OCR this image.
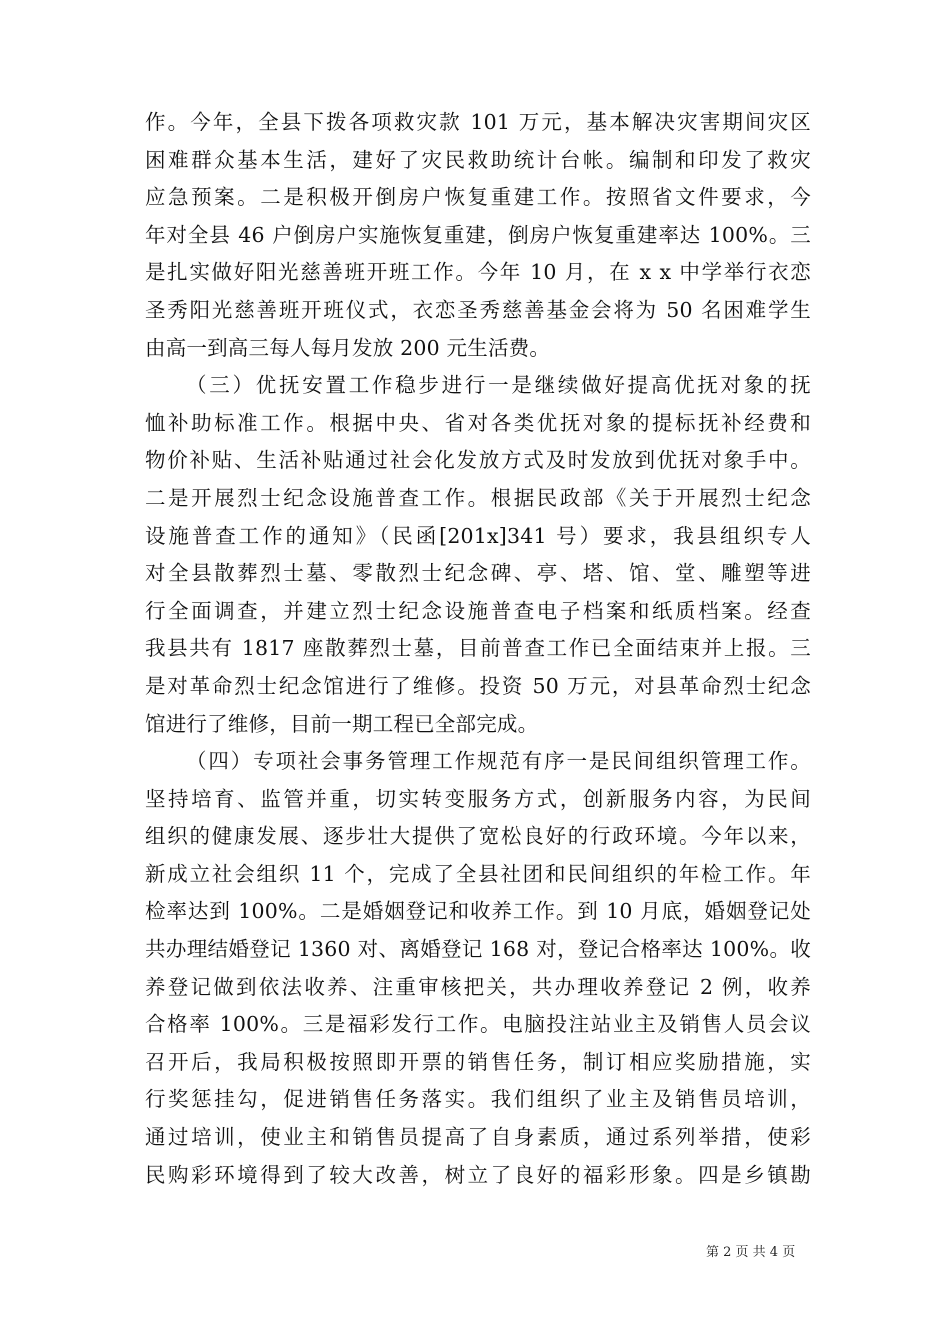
作。今年，全县下拨各项救灾款 101 万元，基本解决灾害期间灾区
困难群众基本生活，建好了灾民救助统计台帐。编制和印发了救灾
应急预案。二是积极开倒房户恢复重建工作。按照省文件要求，今
年对全县 46 户倒房户实施恢复重建，倒房户恢复重建率达 100%。三
是扎实做好阳光慈善班开班工作。今年 10 月，在 x x 中学举行衣恋
圣秀阳光慈善班开班仪式，衣恋圣秀慈善基金会将为 50 名困难学生
由高一到高三每人每月发放 200 元生活费。
（三）优抚安置工作稳步进行一是继续做好提高优抚对象的抚
恤补助标准工作。根据中央、省对各类优抚对象的提标抚补经费和
物价补贴、生活补贴通过社会化发放方式及时发放到优抚对象手中。
二是开展烈士纪念设施普查工作。根据民政部《关于开展烈士纪念
设施普查工作的通知》（民函[201x]341 号）要求，我县组织专人
对全县散葬烈士墓、零散烈士纪念碑、亭、塔、馆、堂、雕塑等进
行全面调查，并建立烈士纪念设施普查电子档案和纸质档案。经查
我县共有 1817 座散葬烈士墓，目前普查工作已全面结束并上报。三
是对革命烈士纪念馆进行了维修。投资 50 万元，对县革命烈士纪念
馆进行了维修，目前一期工程已全部完成。
（四）专项社会事务管理工作规范有序一是民间组织管理工作。
坚持培育、监管并重，切实转变服务方式，创新服务内容，为民间
组织的健康发展、逐步壮大提供了宽松良好的行政环境。今年以来，
新成立社会组织 11 个，完成了全县社团和民间组织的年检工作。年
检率达到 100%。二是婚姻登记和收养工作。到 10 月底，婚姻登记处
共办理结婚登记 1360 对、离婚登记 168 对，登记合格率达 100%。收
养登记做到依法收养、注重审核把关，共办理收养登记 2 例，收养
合格率 100%。三是福彩发行工作。电脑投注站业主及销售人员会议
召开后，我局积极按照即开票的销售任务，制订相应奖励措施，实
行奖惩挂勾，促进销售任务落实。我们组织了业主及销售员培训，
通过培训，使业主和销售员提高了自身素质，通过系列举措，使彩
民购彩环境得到了较大改善，树立了良好的福彩形象。四是乡镇勘
第 2 页 共 4 页
